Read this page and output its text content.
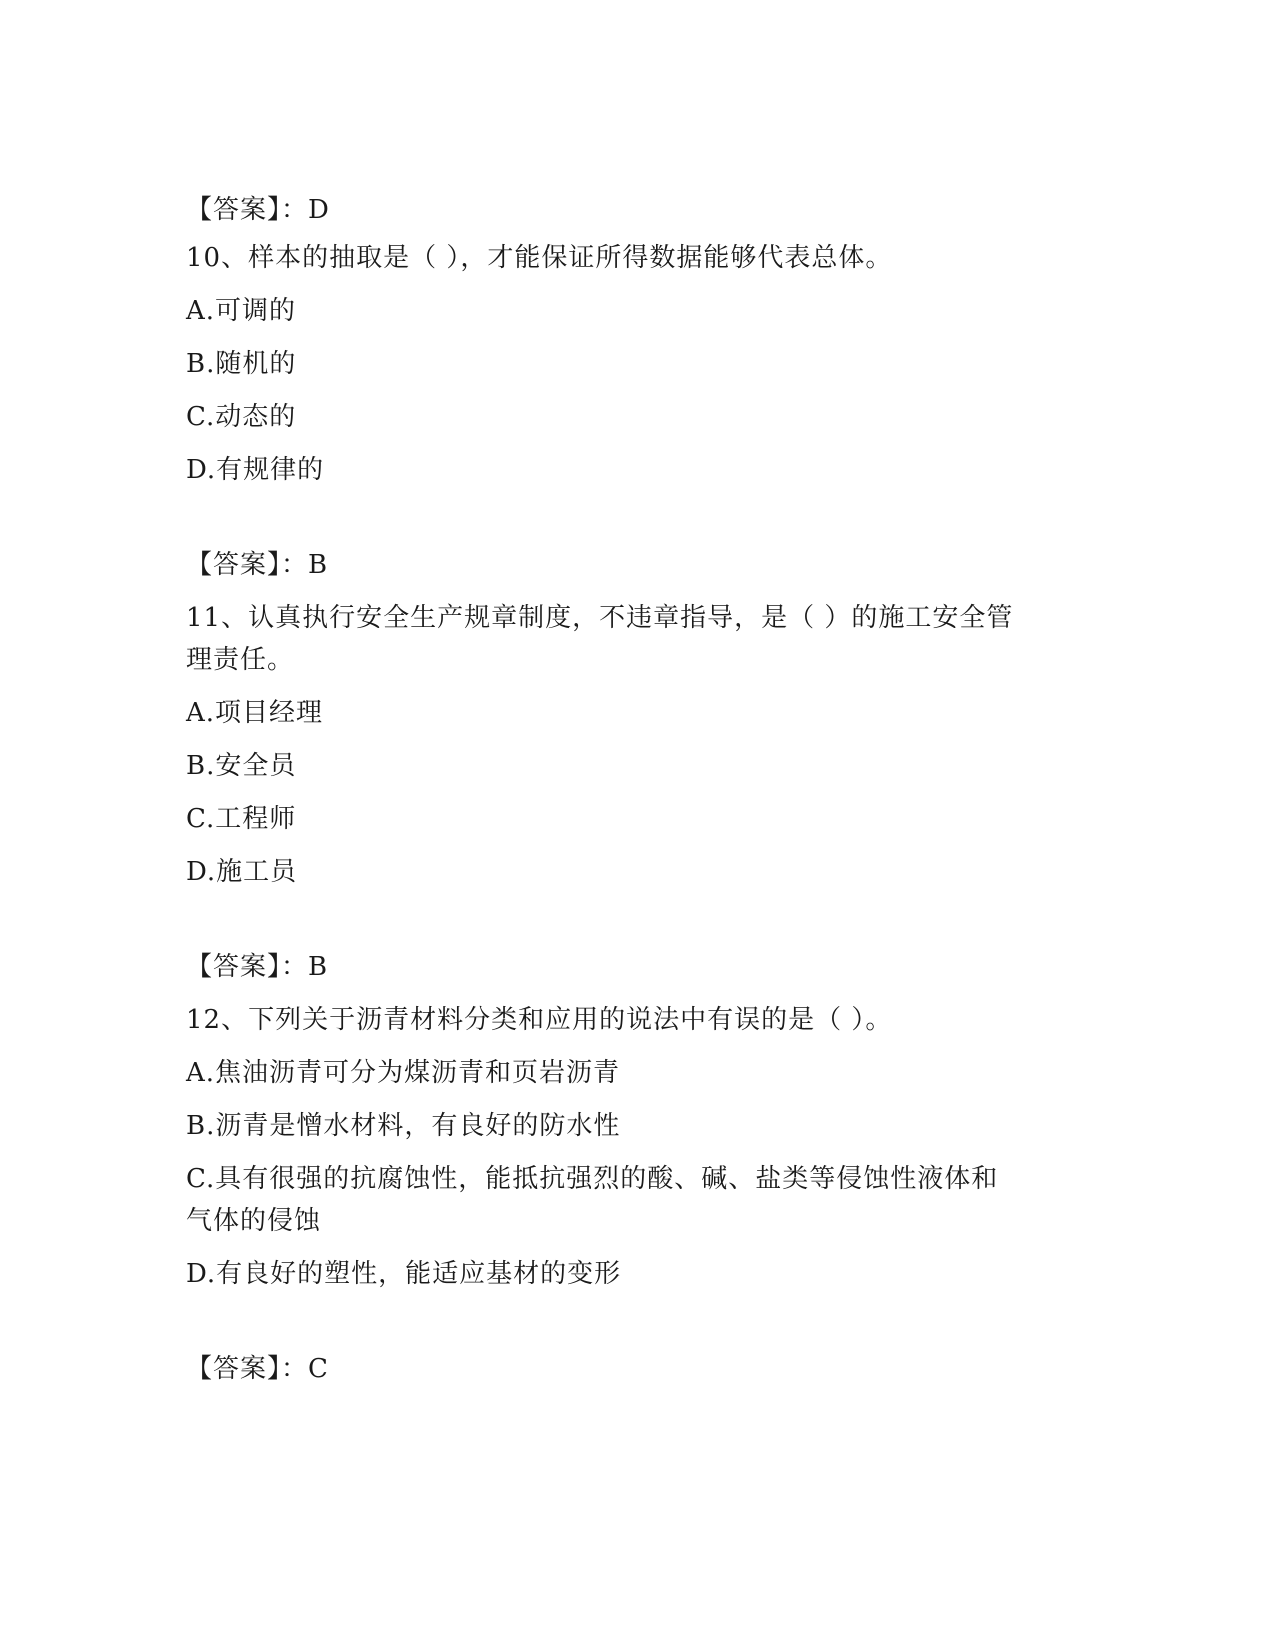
【答案】：D
10、样本的抽取是（ ），才能保证所得数据能够代表总体。
A.可调的
B.随机的
C.动态的
D.有规律的
【答案】：B
11、认真执行安全生产规章制度，不违章指导，是（ ）的施工安全管
理责任。
A.项目经理
B.安全员
C.工程师
D.施工员
【答案】：B
12、下列关于沥青材料分类和应用的说法中有误的是（ ）。
A.焦油沥青可分为煤沥青和页岩沥青
B.沥青是憎水材料，有良好的防水性
C.具有很强的抗腐蚀性，能抵抗强烈的酸、碱、盐类等侵蚀性液体和
气体的侵蚀
D.有良好的塑性，能适应基材的变形
【答案】：C
